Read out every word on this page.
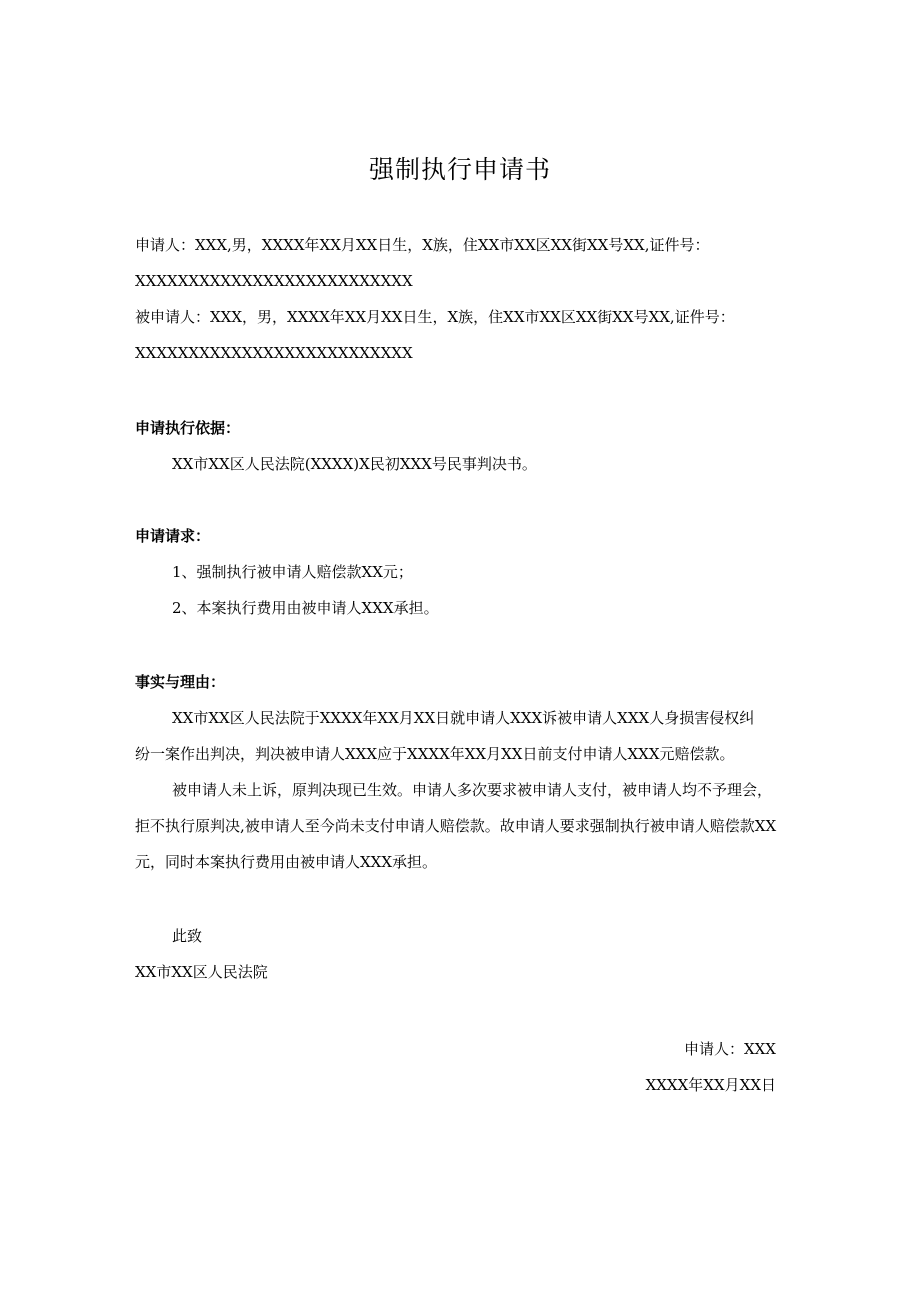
强制执行申请书
申请人：XXX,男，XXXX年XX月XX日生，X族，住XX市XX区XX街XX号XX,证件号：
XXXXXXXXXXXXXXXXXXXXXXXXXX
被申请人：XXX，男，XXXX年XX月XX日生，X族，住XX市XX区XX街XX号XX,证件号：
XXXXXXXXXXXXXXXXXXXXXXXXXX
申请执行依据：
XX市XX区人民法院(XXXX)X民初XXX号民事判决书。
申请请求：
1、强制执行被申请人赔偿款XX元；
2、本案执行费用由被申请人XXX承担。
事实与理由：
XX市XX区人民法院于XXXX年XX月XX日就申请人XXX诉被申请人XXX人身损害侵权纠
纷一案作出判决，判决被申请人XXX应于XXXX年XX月XX日前支付申请人XXX元赔偿款。
被申请人未上诉，原判决现已生效。申请人多次要求被申请人支付，被申请人均不予理会，
拒不执行原判决,被申请人至今尚未支付申请人赔偿款。故申请人要求强制执行被申请人赔偿款XX
元，同时本案执行费用由被申请人XXX承担。
此致
XX市XX区人民法院
申请人：XXX
XXXX年XX月XX日
